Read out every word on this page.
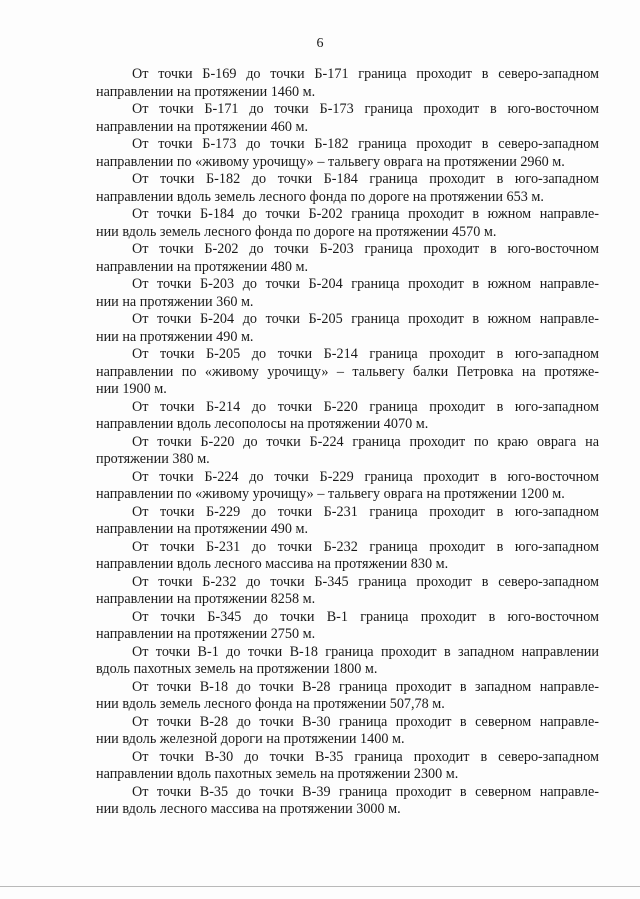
6
От точки Б-169 до точки Б-171 граница проходит в северо-западном
направлении на протяжении 1460 м.
От точки Б-171 до точки Б-173 граница проходит в юго-восточном
направлении на протяжении 460 м.
От точки Б-173 до точки Б-182 граница проходит в северо-западном
направлении по «живому урочищу» – тальвегу оврага на протяжении 2960 м.
От точки Б-182 до точки Б-184 граница проходит в юго-западном
направлении вдоль земель лесного фонда по дороге на протяжении 653 м.
От точки Б-184 до точки Б-202 граница проходит в южном направле-
нии вдоль земель лесного фонда по дороге на протяжении 4570 м.
От точки Б-202 до точки Б-203 граница проходит в юго-восточном
направлении на протяжении 480 м.
От точки Б-203 до точки Б-204 граница проходит в южном направле-
нии на протяжении 360 м.
От точки Б-204 до точки Б-205 граница проходит в южном направле-
нии на протяжении 490 м.
От точки Б-205 до точки Б-214 граница проходит в юго-западном
направлении по «живому урочищу» – тальвегу балки Петровка на протяже-
нии 1900 м.
От точки Б-214 до точки Б-220 граница проходит в юго-западном
направлении вдоль лесополосы на протяжении 4070 м.
От точки Б-220 до точки Б-224 граница проходит по краю оврага на
протяжении 380 м.
От точки Б-224 до точки Б-229 граница проходит в юго-восточном
направлении по «живому урочищу» – тальвегу оврага на протяжении 1200 м.
От точки Б-229 до точки Б-231 граница проходит в юго-западном
направлении на протяжении 490 м.
От точки Б-231 до точки Б-232 граница проходит в юго-западном
направлении вдоль лесного массива на протяжении 830 м.
От точки Б-232 до точки Б-345 граница проходит в северо-западном
направлении на протяжении 8258 м.
От точки Б-345 до точки В-1 граница проходит в юго-восточном
направлении на протяжении 2750 м.
От точки В-1 до точки В-18 граница проходит в западном направлении
вдоль пахотных земель на протяжении 1800 м.
От точки В-18 до точки В-28 граница проходит в западном направле-
нии вдоль земель лесного фонда на протяжении 507,78 м.
От точки В-28 до точки В-30 граница проходит в северном направле-
нии вдоль железной дороги на протяжении 1400 м.
От точки В-30 до точки В-35 граница проходит в северо-западном
направлении вдоль пахотных земель на протяжении 2300 м.
От точки В-35 до точки В-39 граница проходит в северном направле-
нии вдоль лесного массива на протяжении 3000 м.
